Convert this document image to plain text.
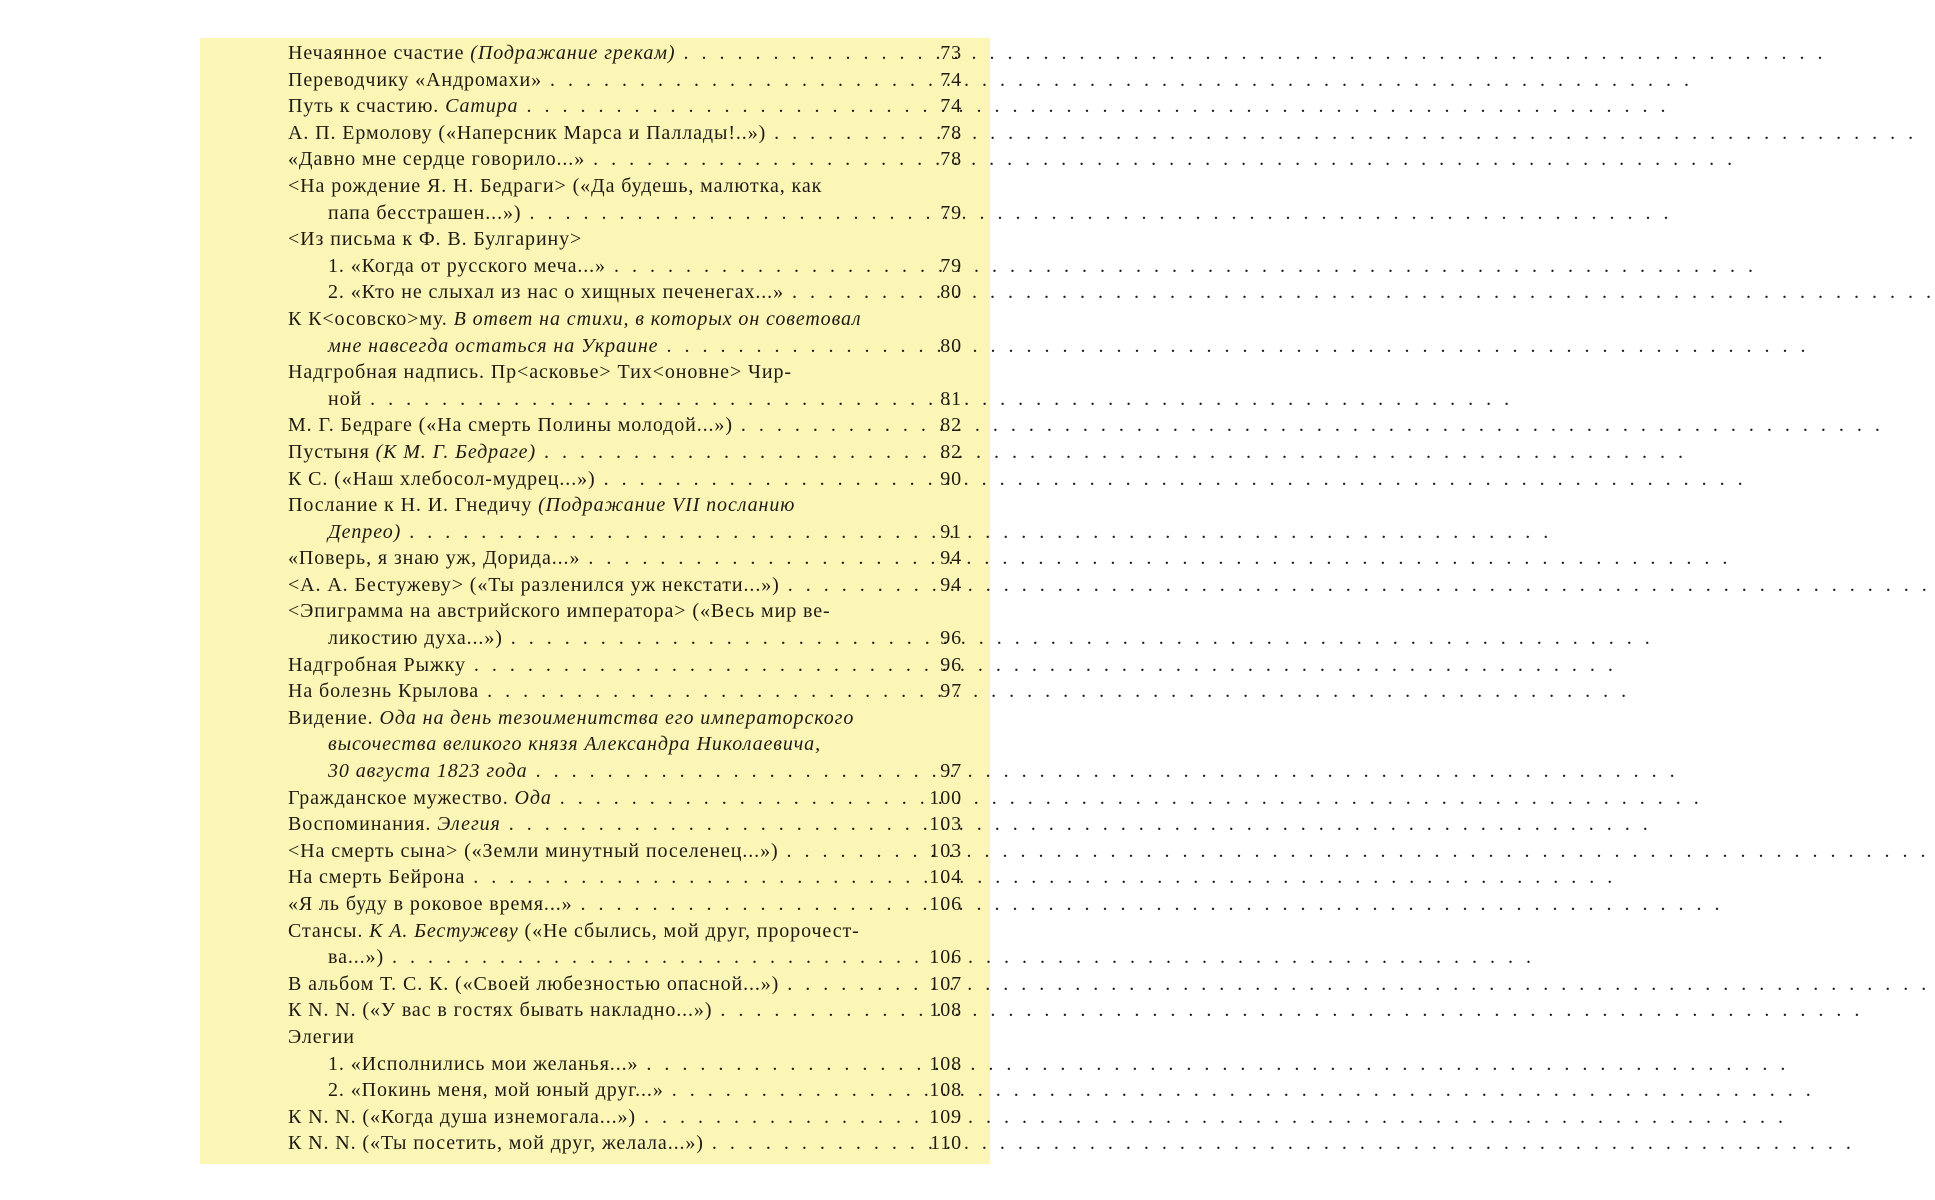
Нечаянное счастие (Подражание грекам) . . .	73
Переводчику «Андромахи» . . .	74
Путь к счастию. Сатира . . .	74
А. П. Ермолову («Наперсник Марса и Паллады!..») . . .	78
«Давно мне сердце говорило...» . . .	78
<На рождение Я. Н. Бедраги> («Да будешь, малютка, как
папа бесстрашен...») . . .	79
<Из письма к Ф. В. Булгарину>
1. «Когда от русского меча...» . . .	79
2. «Кто не слыхал из нас о хищных печенегах...» . . .	80
К К<осовско>му. В ответ на стихи, в которых он советовал
мне навсегда остаться на Украине . . .	80
Надгробная надпись. Пр<асковье> Тих<оновне> Чир-
ной . . .	81
М. Г. Бедраге («На смерть Полины молодой...») . . .	82
Пустыня (К М. Г. Бедраге) . . .	82
К С. («Наш хлебосол-мудрец...») . . .	90
Послание к Н. И. Гнедичу (Подражание VII посланию
Депрео) . . .	91
«Поверь, я знаю уж, Дорида...» . . .	94
<А. А. Бестужеву> («Ты разленился уж некстати...») . . .	94
<Эпиграмма на австрийского императора> («Весь мир ве-
ликостию духа...») . . .	96
Надгробная Рыжку . . .	96
На болезнь Крылова . . .	97
Видение. Ода на день тезоименитства его императорского
высочества великого князя Александра Николаевича,
30 августа 1823 года . . .	97
Гражданское мужество. Ода . . .	100
Воспоминания. Элегия . . .	103
<На смерть сына> («Земли минутный поселенец...») . . .	103
На смерть Бейрона . . .	104
«Я ль буду в роковое время...» . . .	106
Стансы. К А. Бестужеву («Не сбылись, мой друг, пророчест-
ва...») . . .	106
В альбом Т. С. К. («Своей любезностью опасной...») . . .	107
К N. N. («У вас в гостях бывать накладно...») . . .	108
Элегии
1. «Исполнились мои желанья...» . . .	108
2. «Покинь меня, мой юный друг...» . . .	108
К N. N. («Когда душа изнемогала...») . . .	109
К N. N. («Ты посетить, мой друг, желала...») . . .	110
